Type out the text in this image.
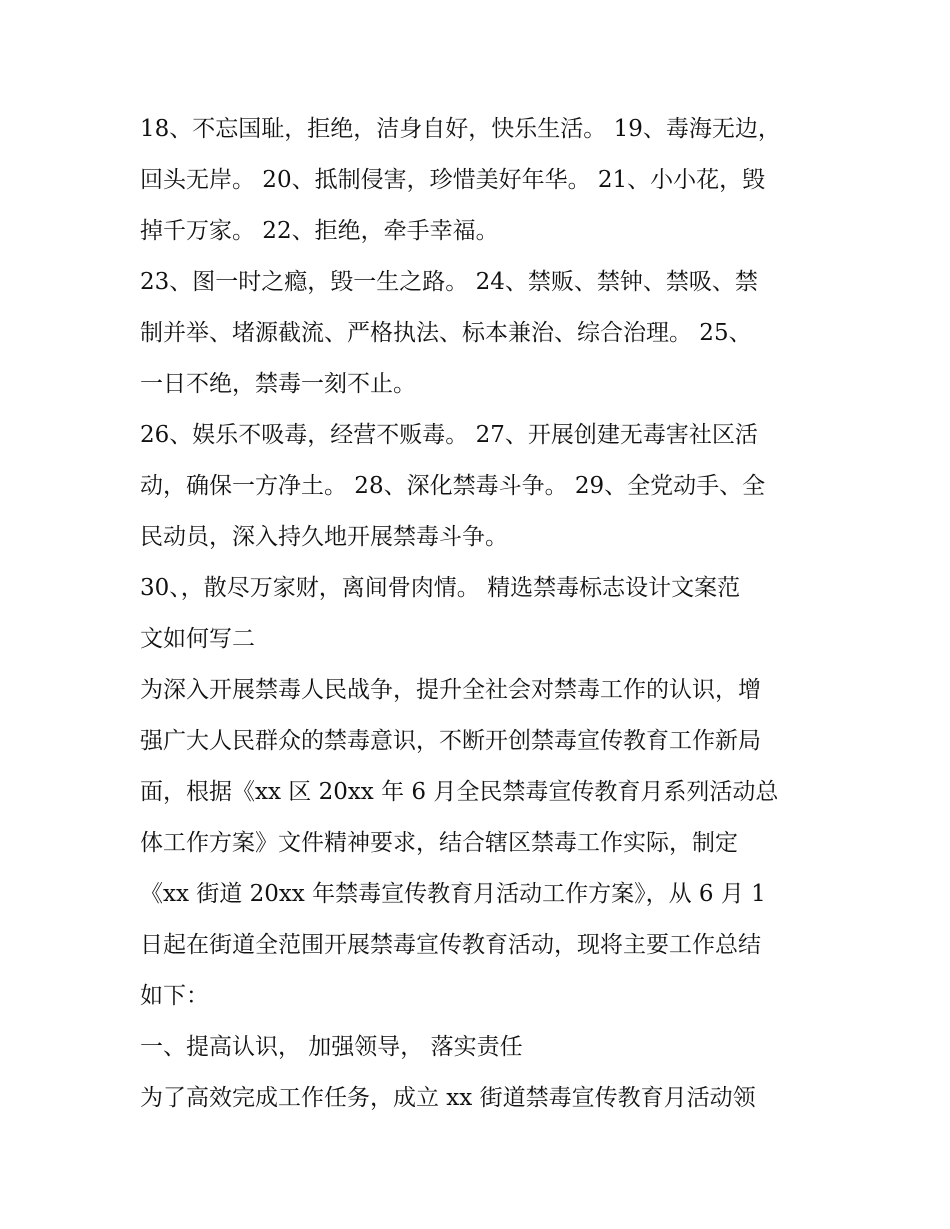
18、不忘国耻，拒绝，洁身自好，快乐生活。 19、毒海无边，
回头无岸。 20、抵制侵害，珍惜美好年华。 21、小小花，毁
掉千万家。 22、拒绝，牵手幸福。
23、图一时之瘾，毁一生之路。 24、禁贩、禁钟、禁吸、禁
制并举、堵源截流、严格执法、标本兼治、综合治理。 25、
一日不绝，禁毒一刻不止。
26、娱乐不吸毒，经营不贩毒。 27、开展创建无毒害社区活
动，确保一方净土。 28、深化禁毒斗争。 29、全党动手、全
民动员，深入持久地开展禁毒斗争。
30、，散尽万家财，离间骨肉情。 精选禁毒标志设计文案范
文如何写二
为深入开展禁毒人民战争，提升全社会对禁毒工作的认识，增
强广大人民群众的禁毒意识，不断开创禁毒宣传教育工作新局
面，根据《xx 区 20xx 年 6 月全民禁毒宣传教育月系列活动总
体工作方案》文件精神要求，结合辖区禁毒工作实际，制定
《xx 街道 20xx 年禁毒宣传教育月活动工作方案》，从 6 月 1
日起在街道全范围开展禁毒宣传教育活动，现将主要工作总结
如下：
一、提高认识， 加强领导， 落实责任
为了高效完成工作任务，成立 xx 街道禁毒宣传教育月活动领
